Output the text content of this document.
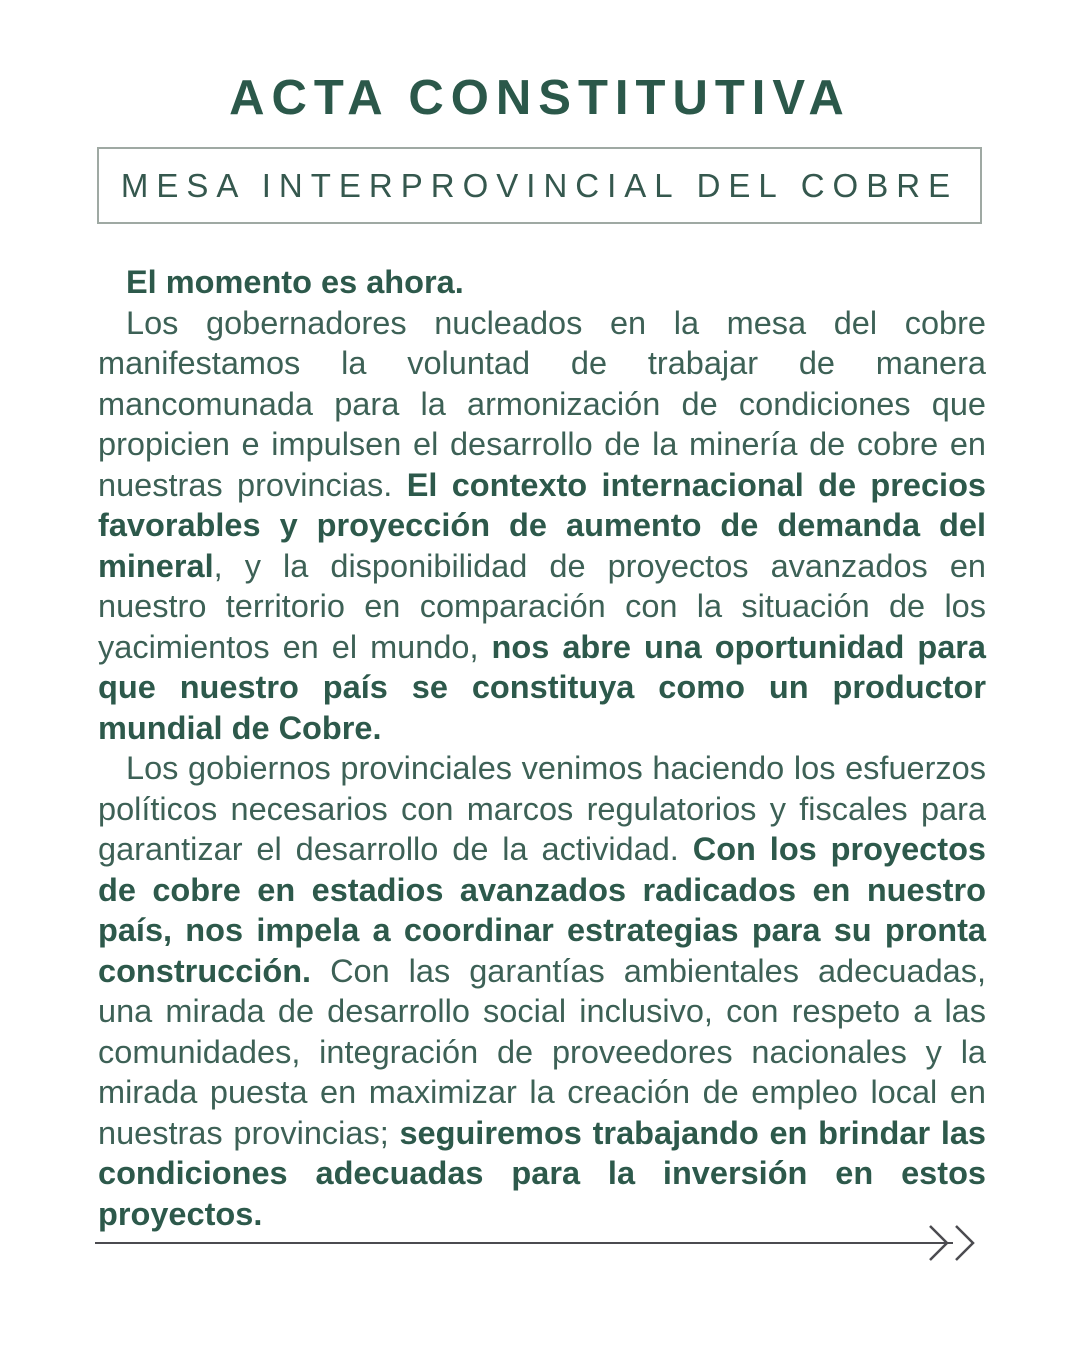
ACTA CONSTITUTIVA
MESA INTERPROVINCIAL DEL COBRE

El momento es ahora.

Los gobernadores nucleados en la mesa del cobre manifestamos la voluntad de trabajar de manera mancomunada para la armonización de condiciones que propicien e impulsen el desarrollo de la minería de cobre en nuestras provincias. El contexto internacional de precios favorables y proyección de aumento de demanda del mineral, y la disponibilidad de proyectos avanzados en nuestro territorio en comparación con la situación de los yacimientos en el mundo, nos abre una oportunidad para que nuestro país se constituya como un productor mundial de Cobre.

Los gobiernos provinciales venimos haciendo los esfuerzos políticos necesarios con marcos regulatorios y fiscales para garantizar el desarrollo de la actividad. Con los proyectos de cobre en estadios avanzados radicados en nuestro país, nos impela a coordinar estrategias para su pronta construcción. Con las garantías ambientales adecuadas, una mirada de desarrollo social inclusivo, con respeto a las comunidades, integración de proveedores nacionales y la mirada puesta en maximizar la creación de empleo local en nuestras provincias; seguiremos trabajando en brindar las condiciones adecuadas para la inversión en estos proyectos.
